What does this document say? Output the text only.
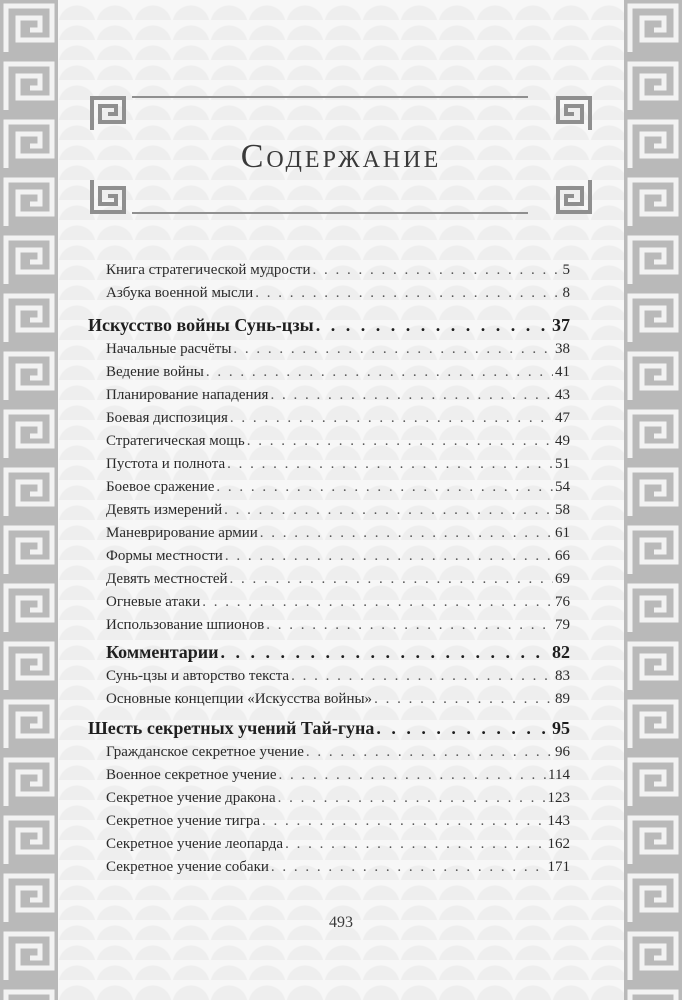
Содержание
Книга стратегической мудрости . . .	5
Азбука военной мысли . . .	8
Искусство войны Сунь-цзы . . .	37
Начальные расчёты . . .	38
Ведение войны . . .	41
Планирование нападения . . .	43
Боевая диспозиция . . .	47
Стратегическая мощь . . .	49
Пустота и полнота . . .	51
Боевое сражение . . .	54
Девять измерений . . .	58
Маневрирование армии . . .	61
Формы местности . . .	66
Девять местностей . . .	69
Огневые атаки . . .	76
Использование шпионов . . .	79
Комментарии . . .	82
Сунь-цзы и авторство текста . . .	83
Основные концепции «Искусства войны» . . .	89
Шесть секретных учений Тай-гуна . . .	95
Гражданское секретное учение . . .	96
Военное секретное учение . . .	114
Секретное учение дракона . . .	123
Секретное учение тигра . . .	143
Секретное учение леопарда . . .	162
Секретное учение собаки . . .	171
493
